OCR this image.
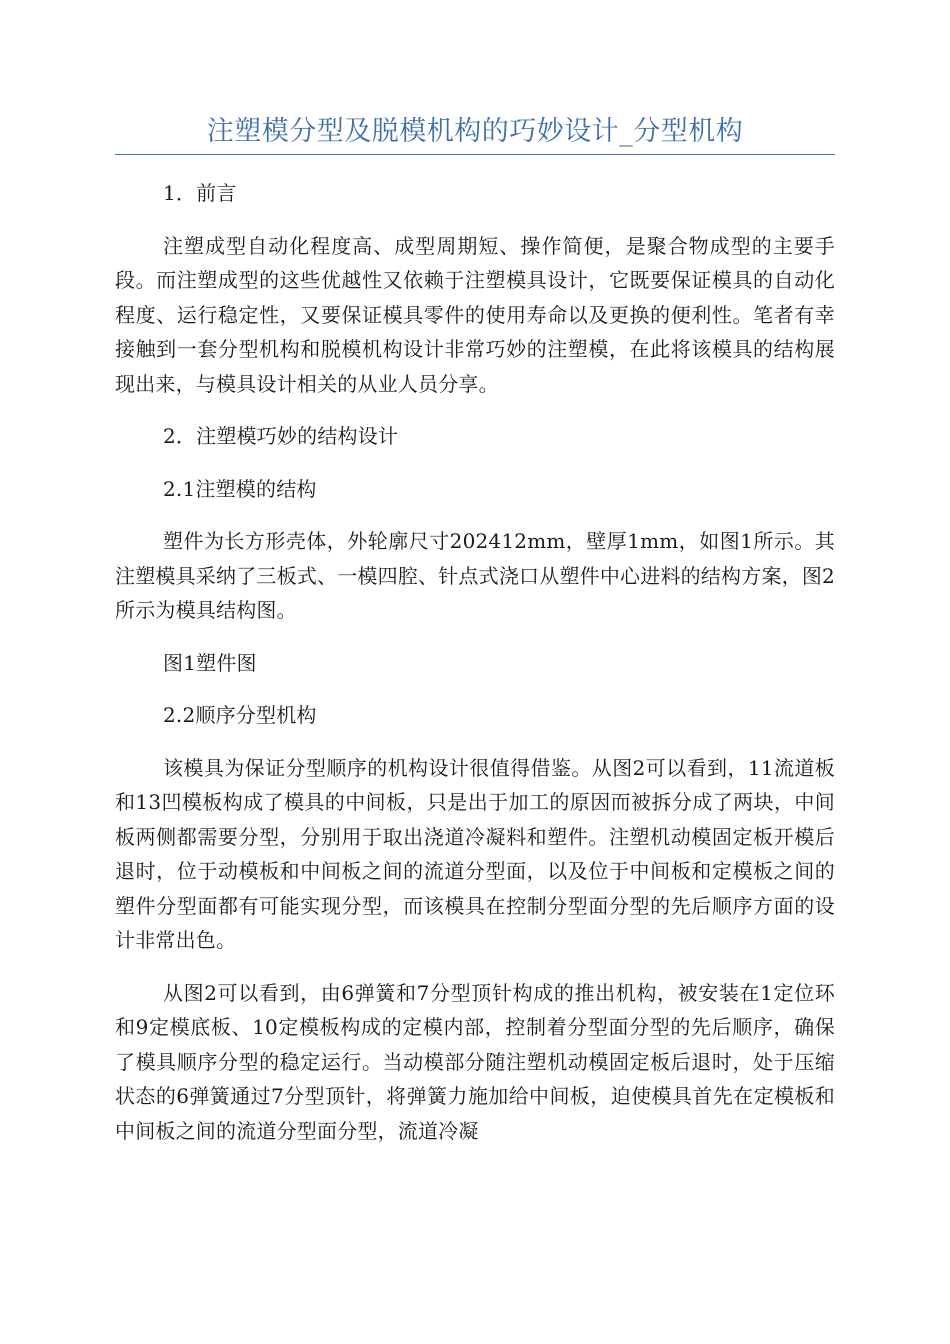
注塑模分型及脱模机构的巧妙设计_分型机构

1．前言

注塑成型自动化程度高、成型周期短、操作简便，是聚合物成型的主要手段。而注塑成型的这些优越性又依赖于注塑模具设计，它既要保证模具的自动化程度、运行稳定性，又要保证模具零件的使用寿命以及更换的便利性。笔者有幸接触到一套分型机构和脱模机构设计非常巧妙的注塑模，在此将该模具的结构展现出来，与模具设计相关的从业人员分享。

2．注塑模巧妙的结构设计

2.1注塑模的结构

塑件为长方形壳体，外轮廓尺寸202412mm，壁厚1mm，如图1所示。其注塑模具采纳了三板式、一模四腔、针点式浇口从塑件中心进料的结构方案，图2所示为模具结构图。

图1塑件图

2.2顺序分型机构

该模具为保证分型顺序的机构设计很值得借鉴。从图2可以看到，11流道板和13凹模板构成了模具的中间板，只是出于加工的原因而被拆分成了两块，中间板两侧都需要分型，分别用于取出浇道冷凝料和塑件。注塑机动模固定板开模后退时，位于动模板和中间板之间的流道分型面，以及位于中间板和定模板之间的塑件分型面都有可能实现分型，而该模具在控制分型面分型的先后顺序方面的设计非常出色。

从图2可以看到，由6弹簧和7分型顶针构成的推出机构，被安装在1定位环和9定模底板、10定模板构成的定模内部，控制着分型面分型的先后顺序，确保了模具顺序分型的稳定运行。当动模部分随注塑机动模固定板后退时，处于压缩状态的6弹簧通过7分型顶针，将弹簧力施加给中间板，迫使模具首先在定模板和中间板之间的流道分型面分型，流道冷凝
